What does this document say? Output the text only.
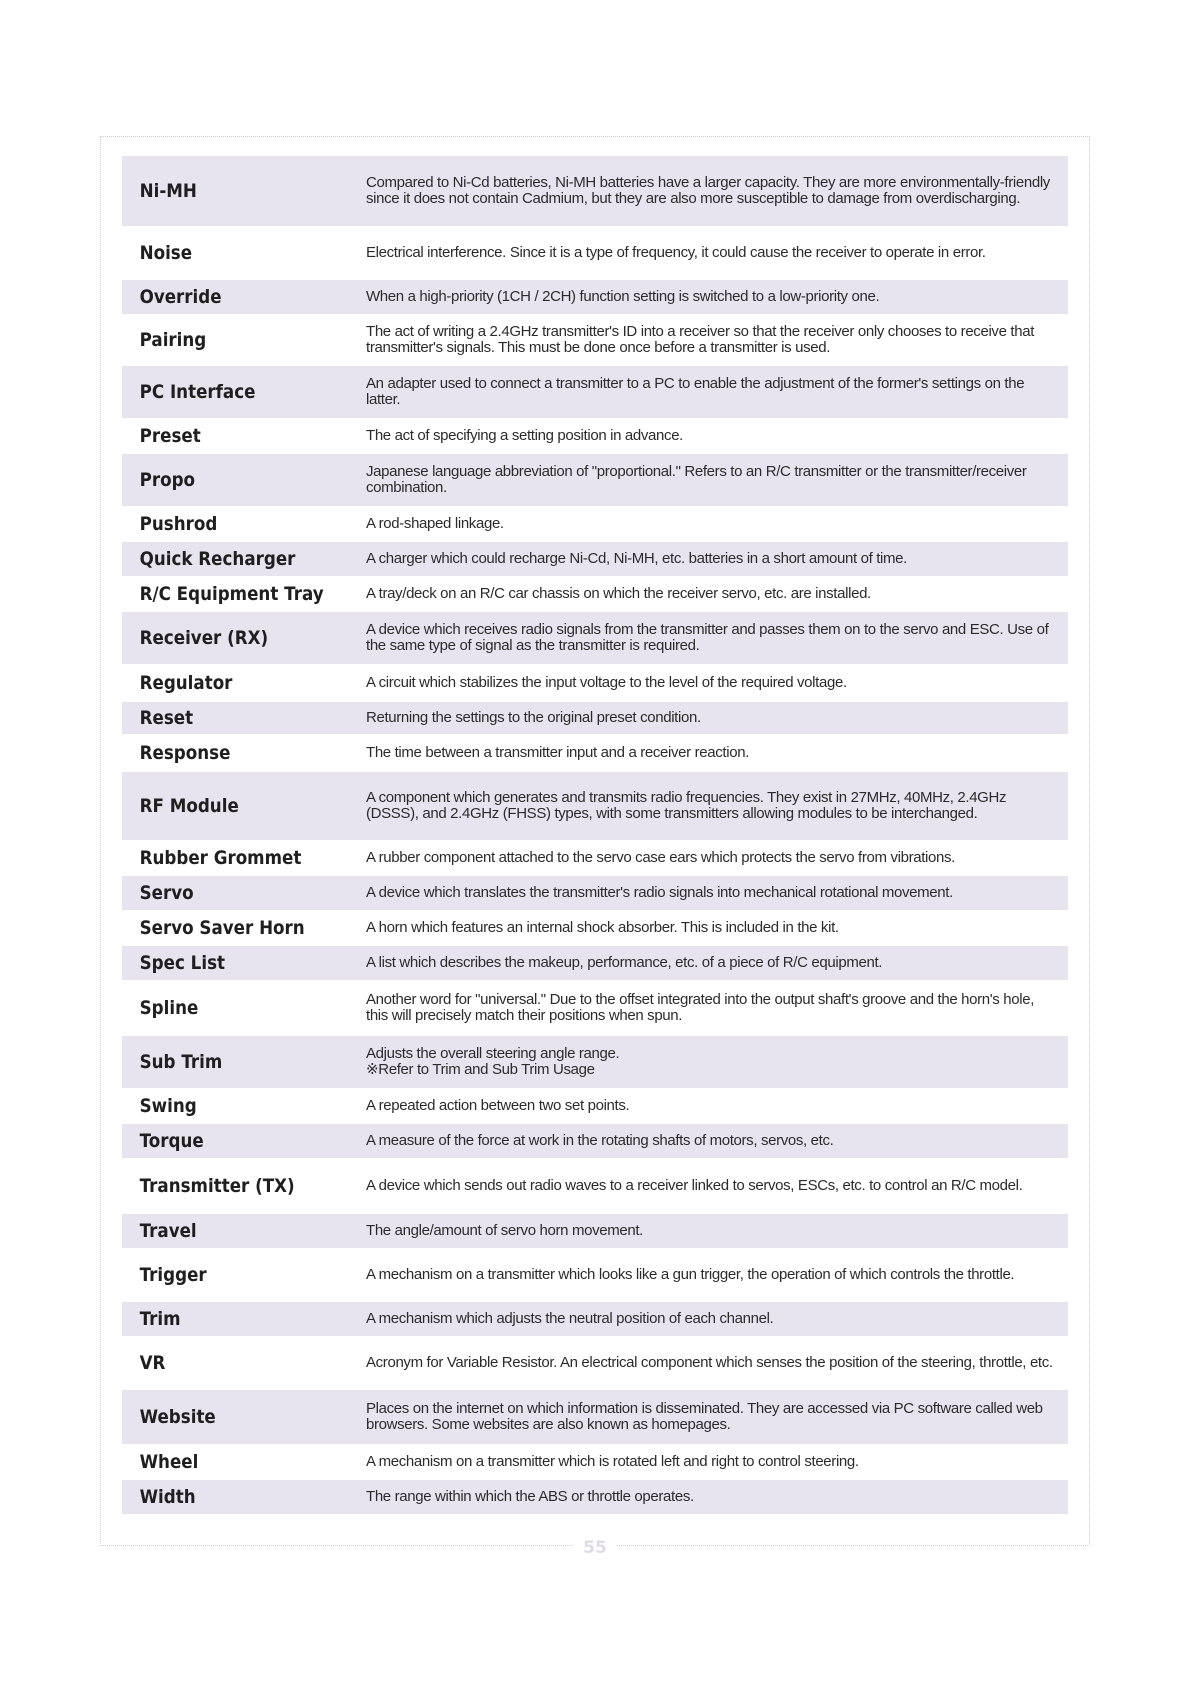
Ni-MH	Compared to Ni-Cd batteries, Ni-MH batteries have a larger capacity. They are more environmentally-friendly since it does not contain Cadmium, but they are also more susceptible to damage from overdischarging.
Noise	Electrical interference. Since it is a type of frequency, it could cause the receiver to operate in error.
Override	When a high-priority (1CH / 2CH) function setting is switched to a low-priority one.
Pairing	The act of writing a 2.4GHz transmitter's ID into a receiver so that the receiver only chooses to receive that transmitter's signals. This must be done once before a transmitter is used.
PC Interface	An adapter used to connect a transmitter to a PC to enable the adjustment of the former's settings on the latter.
Preset	The act of specifying a setting position in advance.
Propo	Japanese language abbreviation of "proportional." Refers to an R/C transmitter or the transmitter/receiver combination.
Pushrod	A rod-shaped linkage.
Quick Recharger	A charger which could recharge Ni-Cd, Ni-MH, etc. batteries in a short amount of time.
R/C Equipment Tray	A tray/deck on an R/C car chassis on which the receiver servo, etc. are installed.
Receiver (RX)	A device which receives radio signals from the transmitter and passes them on to the servo and ESC. Use of the same type of signal as the transmitter is required.
Regulator	A circuit which stabilizes the input voltage to the level of the required voltage.
Reset	Returning the settings to the original preset condition.
Response	The time between a transmitter input and a receiver reaction.
RF Module	A component which generates and transmits radio frequencies. They exist in 27MHz, 40MHz, 2.4GHz (DSSS), and 2.4GHz (FHSS) types, with some transmitters allowing modules to be interchanged.
Rubber Grommet	A rubber component attached to the servo case ears which protects the servo from vibrations.
Servo	A device which translates the transmitter's radio signals into mechanical rotational movement.
Servo Saver Horn	A horn which features an internal shock absorber. This is included in the kit.
Spec List	A list which describes the makeup, performance, etc. of a piece of R/C equipment.
Spline	Another word for "universal." Due to the offset integrated into the output shaft's groove and the horn's hole, this will precisely match their positions when spun.
Sub Trim	Adjusts the overall steering angle range.
※Refer to Trim and Sub Trim Usage
Swing	A repeated action between two set points.
Torque	A measure of the force at work in the rotating shafts of motors, servos, etc.
Transmitter (TX)	A device which sends out radio waves to a receiver linked to servos, ESCs, etc. to control an R/C model.
Travel	The angle/amount of servo horn movement.
Trigger	A mechanism on a transmitter which looks like a gun trigger, the operation of which controls the throttle.
Trim	A mechanism which adjusts the neutral position of each channel.
VR	Acronym for Variable Resistor. An electrical component which senses the position of the steering, throttle, etc.
Website	Places on the internet on which information is disseminated. They are accessed via PC software called web browsers. Some websites are also known as homepages.
Wheel	A mechanism on a transmitter which is rotated left and right to control steering.
Width	The range within which the ABS or throttle operates.
55
